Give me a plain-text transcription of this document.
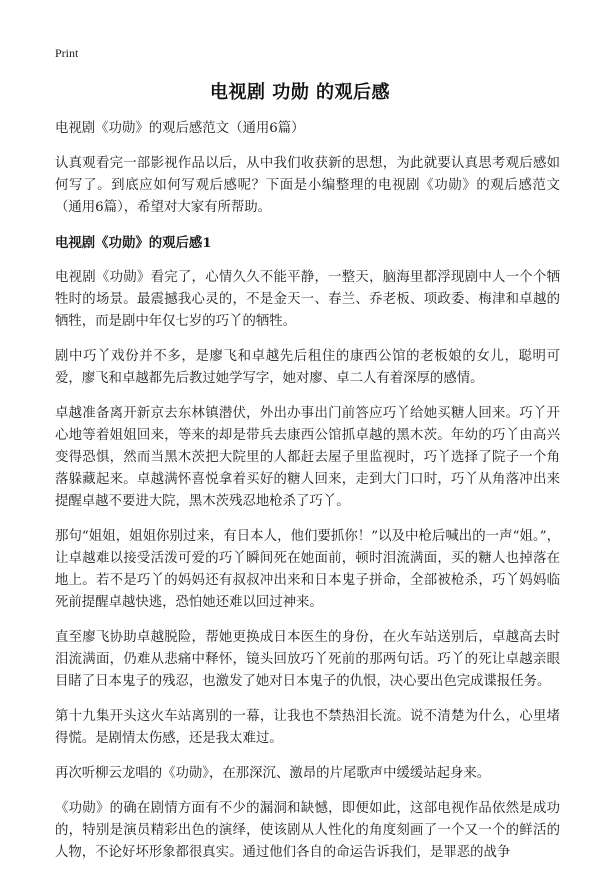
Print
电视剧 功勋 的观后感

电视剧《功勋》的观后感范文（通用6篇）

认真观看完一部影视作品以后，从中我们收获新的思想，为此就要认真思考观后感如何写了。到底应如何写观后感呢？下面是小编整理的电视剧《功勋》的观后感范文（通用6篇），希望对大家有所帮助。

电视剧《功勋》的观后感1

电视剧《功勋》看完了，心情久久不能平静，一整天，脑海里都浮现剧中人一个个牺牲时的场景。最震撼我心灵的，不是金天一、春兰、乔老板、项政委、梅津和卓越的牺牲，而是剧中年仅七岁的巧丫的牺牲。

剧中巧丫戏份并不多，是廖飞和卓越先后租住的康西公馆的老板娘的女儿，聪明可爱，廖飞和卓越都先后教过她学写字，她对廖、卓二人有着深厚的感情。

卓越准备离开新京去东林镇潜伏，外出办事出门前答应巧丫给她买糖人回来。巧丫开心地等着姐姐回来，等来的却是带兵去康西公馆抓卓越的黑木茨。年幼的巧丫由高兴变得恐惧，然而当黑木茨把大院里的人都赶去屋子里监视时，巧丫选择了院子一个角落躲藏起来。卓越满怀喜悦拿着买好的糖人回来，走到大门口时，巧丫从角落冲出来提醒卓越不要进大院，黑木茨残忍地枪杀了巧丫。

那句“姐姐，姐姐你别过来，有日本人，他们要抓你！”以及中枪后喊出的一声“姐。”，让卓越难以接受活泼可爱的巧丫瞬间死在她面前，顿时泪流满面，买的糖人也掉落在地上。若不是巧丫的妈妈还有叔叔冲出来和日本鬼子拼命，全部被枪杀，巧丫妈妈临死前提醒卓越快逃，恐怕她还难以回过神来。

直至廖飞协助卓越脱险，帮她更换成日本医生的身份，在火车站送别后，卓越高去时泪流满面，仍难从悲痛中释怀，镜头回放巧丫死前的那两句话。巧丫的死让卓越亲眼目睹了日本鬼子的残忍，也激发了她对日本鬼子的仇恨，决心要出色完成谍报任务。

第十九集开头这火车站离别的一幕，让我也不禁热泪长流。说不清楚为什么，心里堵得慌。是剧情太伤感，还是我太难过。

再次听柳云龙唱的《功勋》，在那深沉、激昂的片尾歌声中缓缓站起身来。

《功勋》的确在剧情方面有不少的漏洞和缺憾，即便如此，这部电视作品依然是成功的，特别是演员精彩出色的演绎，使该剧从人性化的角度刻画了一个又一个的鲜活的人物，不论好坏形象都很真实。通过他们各自的命运告诉我们，是罪恶的战争
